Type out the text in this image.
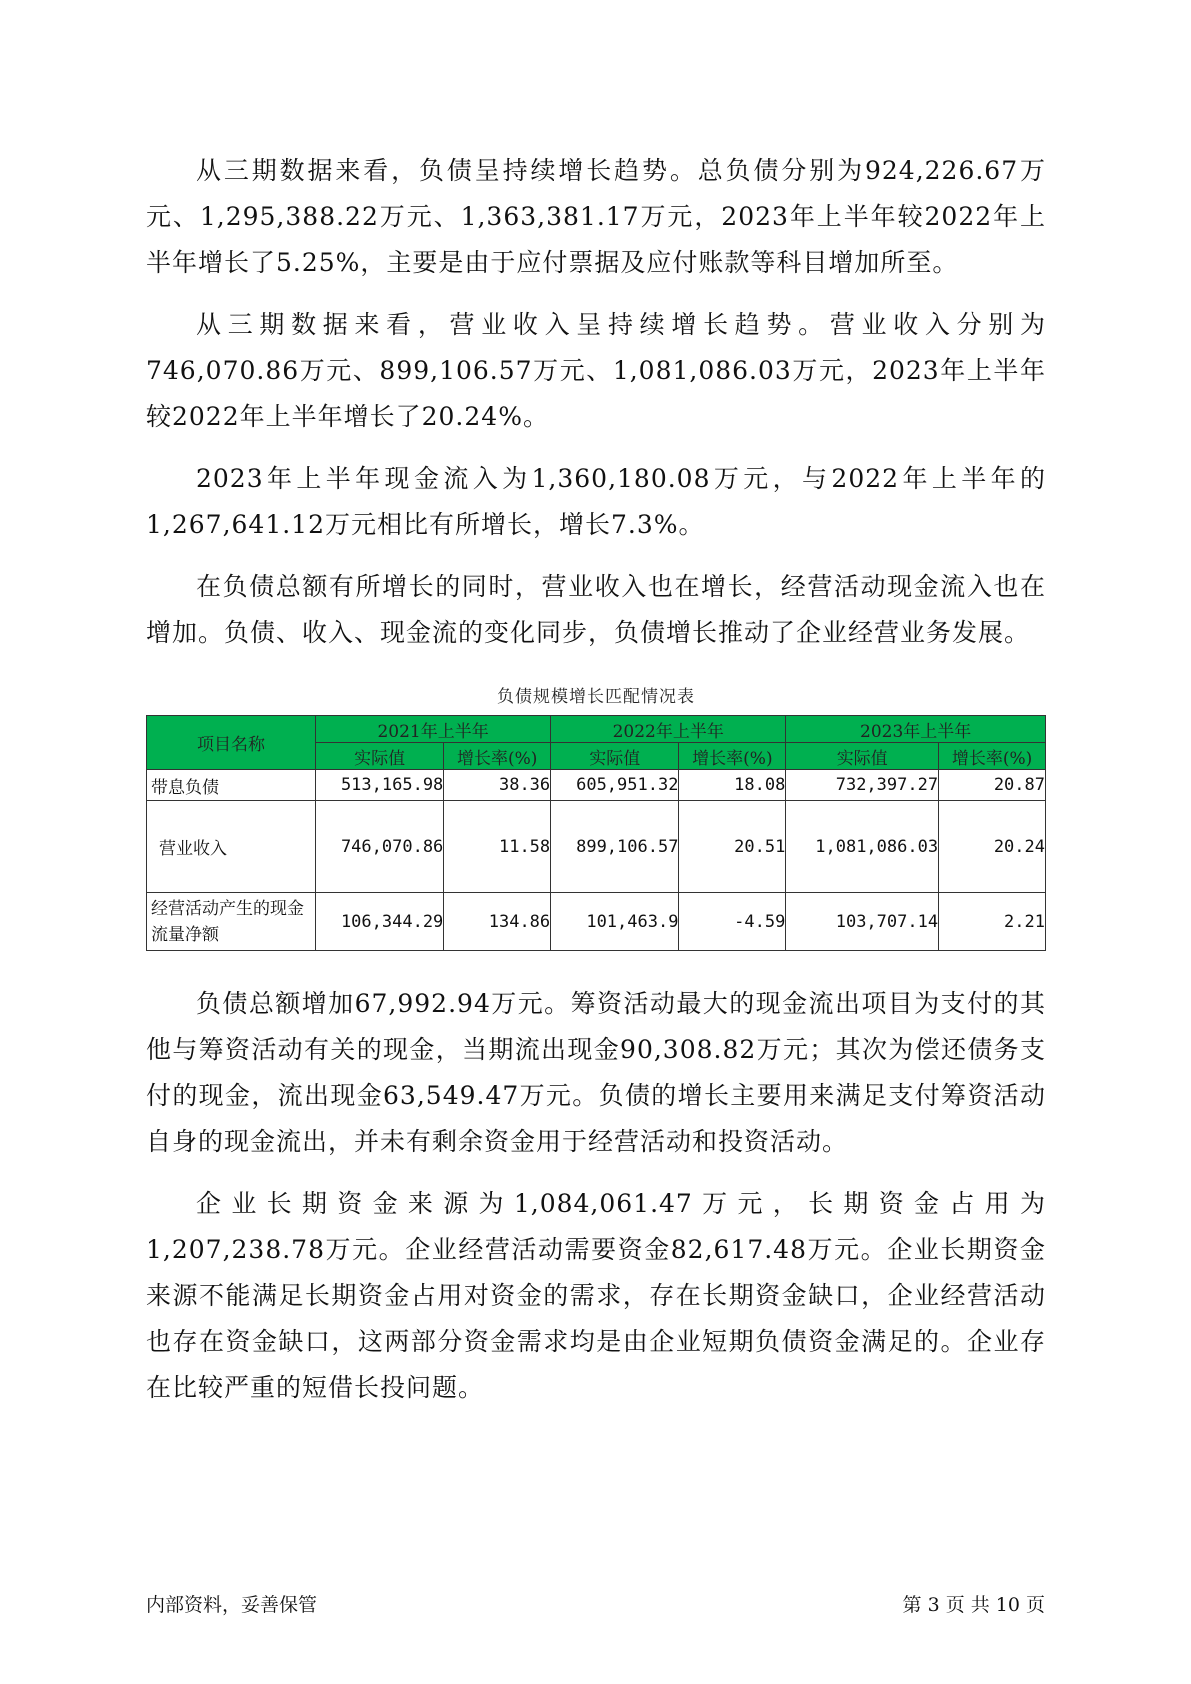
从三期数据来看，负债呈持续增长趋势。总负债分别为924,226.67万元、1,295,388.22万元、1,363,381.17万元，2023年上半年较2022年上半年增长了5.25%，主要是由于应付票据及应付账款等科目增加所至。

从三期数据来看，营业收入呈持续增长趋势。营业收入分别为746,070.86万元、899,106.57万元、1,081,086.03万元，2023年上半年较2022年上半年增长了20.24%。

2023年上半年现金流入为1,360,180.08万元，与2022年上半年的1,267,641.12万元相比有所增长，增长7.3%。

在负债总额有所增长的同时，营业收入也在增长，经营活动现金流入也在增加。负债、收入、现金流的变化同步，负债增长推动了企业经营业务发展。

负债规模增长匹配情况表
项目名称	2021年上半年		2022年上半年		2023年上半年	
	实际值	增长率(%)	实际值	增长率(%)	实际值	增长率(%)
带息负债	513,165.98	38.36	605,951.32	18.08	732,397.27	20.87
营业收入	746,070.86	11.58	899,106.57	20.51	1,081,086.03	20.24
经营活动产生的现金流量净额	106,344.29	134.86	101,463.9	-4.59	103,707.14	2.21

负债总额增加67,992.94万元。筹资活动最大的现金流出项目为支付的其他与筹资活动有关的现金，当期流出现金90,308.82万元；其次为偿还债务支付的现金，流出现金63,549.47万元。负债的增长主要用来满足支付筹资活动自身的现金流出，并未有剩余资金用于经营活动和投资活动。

企业长期资金来源为1,084,061.47万元，长期资金占用为1,207,238.78万元。企业经营活动需要资金82,617.48万元。企业长期资金来源不能满足长期资金占用对资金的需求，存在长期资金缺口，企业经营活动也存在资金缺口，这两部分资金需求均是由企业短期负债资金满足的。企业存在比较严重的短借长投问题。

内部资料，妥善保管	第 3 页 共 10 页
